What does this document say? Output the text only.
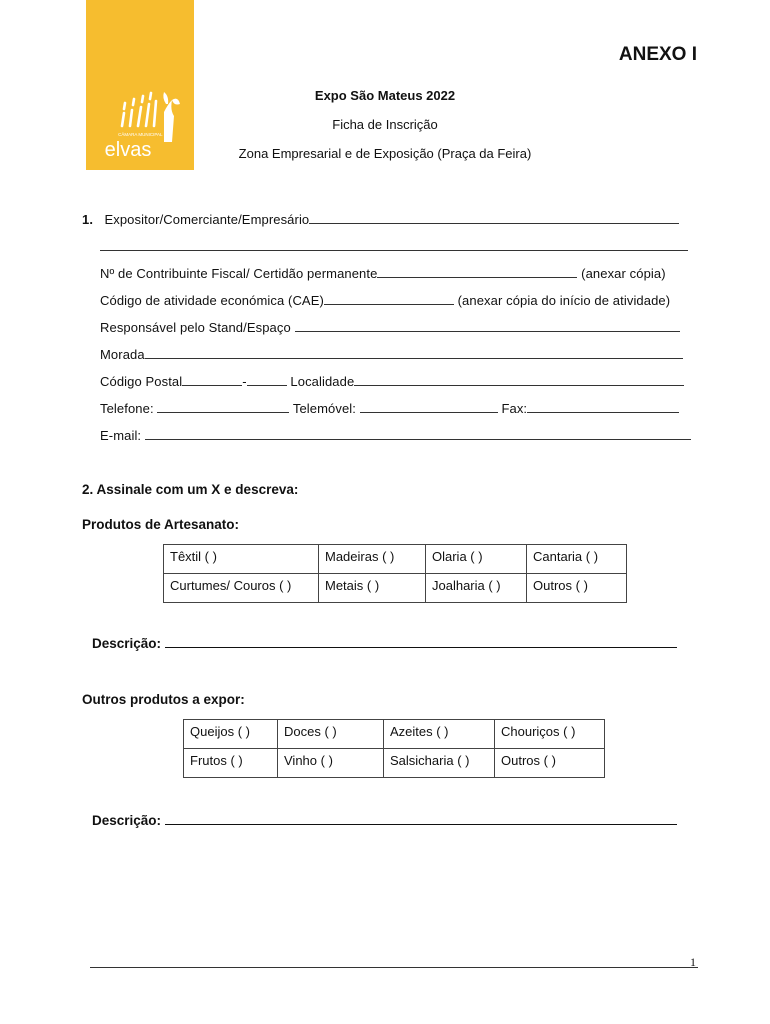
CÂMARA MUNICIPAL DE
elvas
ANEXO I
Expo São Mateus 2022
Ficha de Inscrição
Zona Empresarial e de Exposição (Praça da Feira)
1. Expositor/Comerciante/Empresário
Nº de Contribuinte Fiscal/ Certidão permanente	(anexar cópia)
Código de atividade económica (CAE)	(anexar cópia do início de atividade)
Responsável pelo Stand/Espaço
Morada
Código Postal	-	Localidade
Telefone:	Telemóvel:	Fax:
E-mail:
2. Assinale com um X e descreva:
Produtos de Artesanato:
Têxtil ( )	Madeiras ( )	Olaria ( )	Cantaria ( )
Curtumes/ Couros ( )	Metais ( )	Joalharia ( )	Outros ( )
Descrição:
Outros produtos a expor:
Queijos ( )	Doces ( )	Azeites ( )	Chouriços ( )
Frutos ( )	Vinho ( )	Salsicharia ( )	Outros ( )
Descrição:
1
